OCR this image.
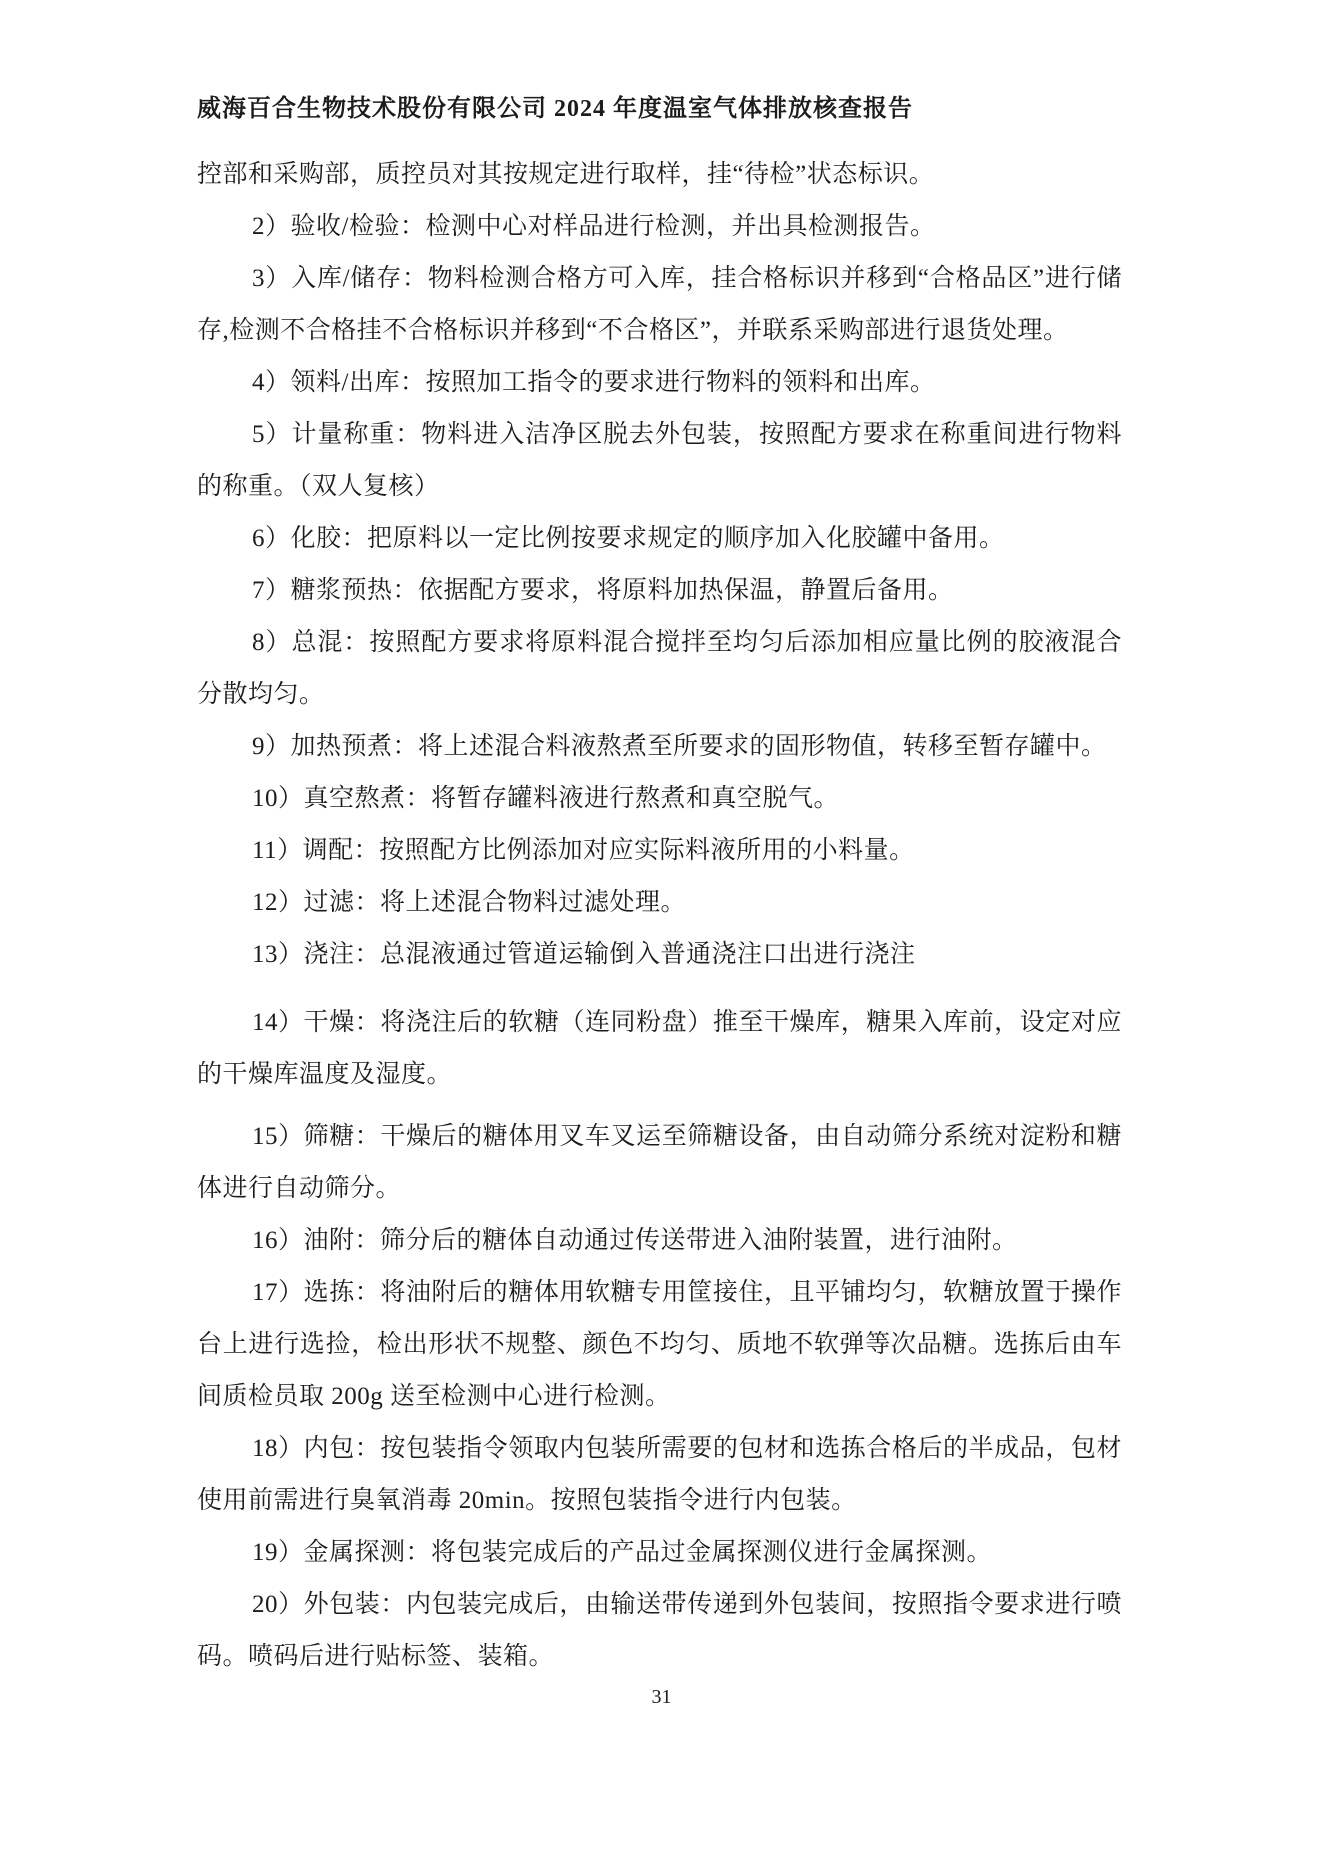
威海百合生物技术股份有限公司 2024 年度温室气体排放核查报告

控部和采购部，质控员对其按规定进行取样，挂“待检”状态标识。

2）验收/检验：检测中心对样品进行检测，并出具检测报告。

3）入库/储存：物料检测合格方可入库，挂合格标识并移到“合格品区”进行储存,检测不合格挂不合格标识并移到“不合格区”，并联系采购部进行退货处理。

4）领料/出库：按照加工指令的要求进行物料的领料和出库。

5）计量称重：物料进入洁净区脱去外包装，按照配方要求在称重间进行物料的称重。（双人复核）

6）化胶：把原料以一定比例按要求规定的顺序加入化胶罐中备用。

7）糖浆预热：依据配方要求，将原料加热保温，静置后备用。

8）总混：按照配方要求将原料混合搅拌至均匀后添加相应量比例的胶液混合分散均匀。

9）加热预煮：将上述混合料液熬煮至所要求的固形物值，转移至暂存罐中。

10）真空熬煮：将暂存罐料液进行熬煮和真空脱气。

11）调配：按照配方比例添加对应实际料液所用的小料量。

12）过滤：将上述混合物料过滤处理。

13）浇注：总混液通过管道运输倒入普通浇注口出进行浇注

14）干燥：将浇注后的软糖（连同粉盘）推至干燥库，糖果入库前，设定对应的干燥库温度及湿度。

15）筛糖：干燥后的糖体用叉车叉运至筛糖设备，由自动筛分系统对淀粉和糖体进行自动筛分。

16）油附：筛分后的糖体自动通过传送带进入油附装置，进行油附。

17）选拣：将油附后的糖体用软糖专用筐接住，且平铺均匀，软糖放置于操作台上进行选捡，检出形状不规整、颜色不均匀、质地不软弹等次品糖。选拣后由车间质检员取 200g 送至检测中心进行检测。

18）内包：按包装指令领取内包装所需要的包材和选拣合格后的半成品，包材使用前需进行臭氧消毒 20min。按照包装指令进行内包装。

19）金属探测：将包装完成后的产品过金属探测仪进行金属探测。

20）外包装：内包装完成后，由输送带传递到外包装间，按照指令要求进行喷码。喷码后进行贴标签、装箱。

31
